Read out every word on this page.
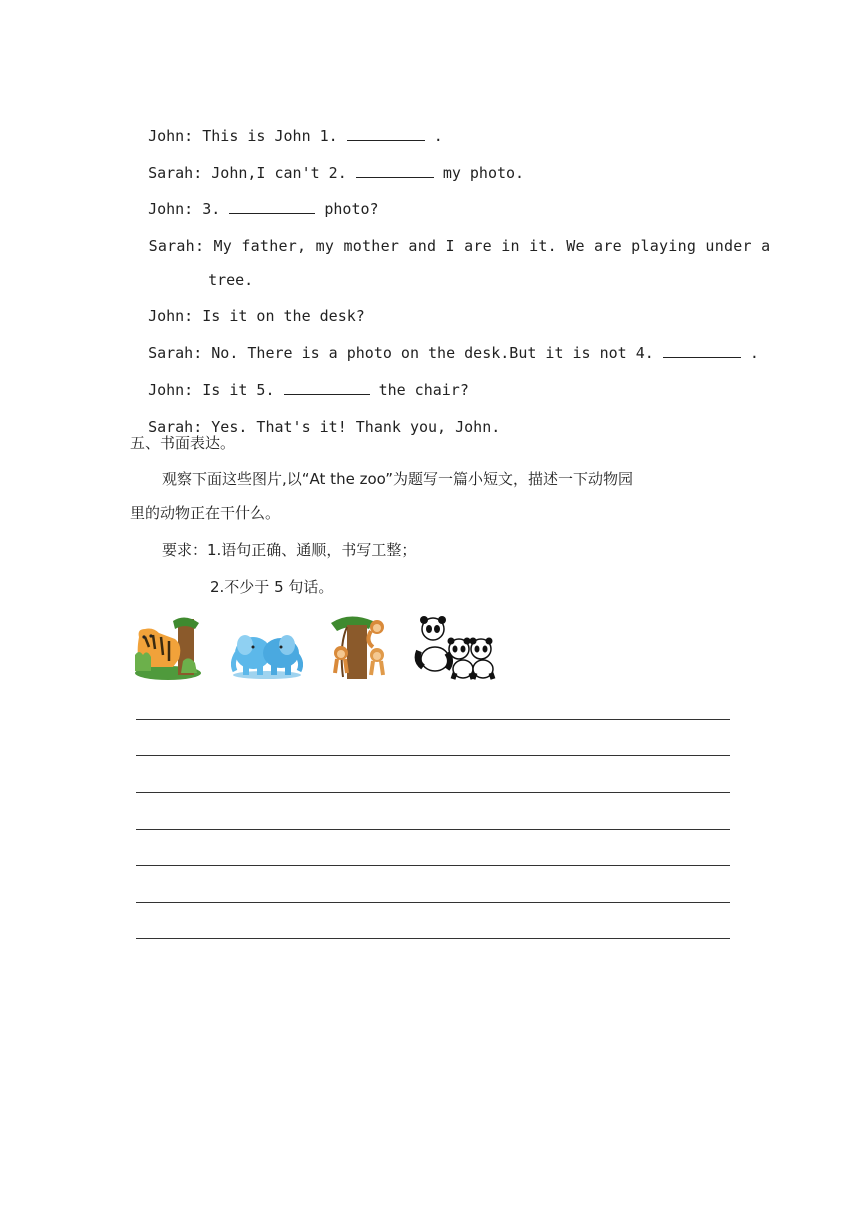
John: This is John 1.	.

Sarah: John,I can't 2.	my photo.

John: 3.	photo?

Sarah: My father, my mother and I are in it. We are playing under a

tree.

John: Is it on the desk?

Sarah: No. There is a photo on the desk.But it is not 4.	.

John: Is it 5.	the chair?

Sarah: Yes. That's it! Thank you, John.

五、书面表达。
观察下面这些图片,以“At the zoo”为题写一篇小短文，描述一下动物园
里的动物正在干什么。
要求：1.语句正确、通顺，书写工整；
2.不少于 5 句话。
